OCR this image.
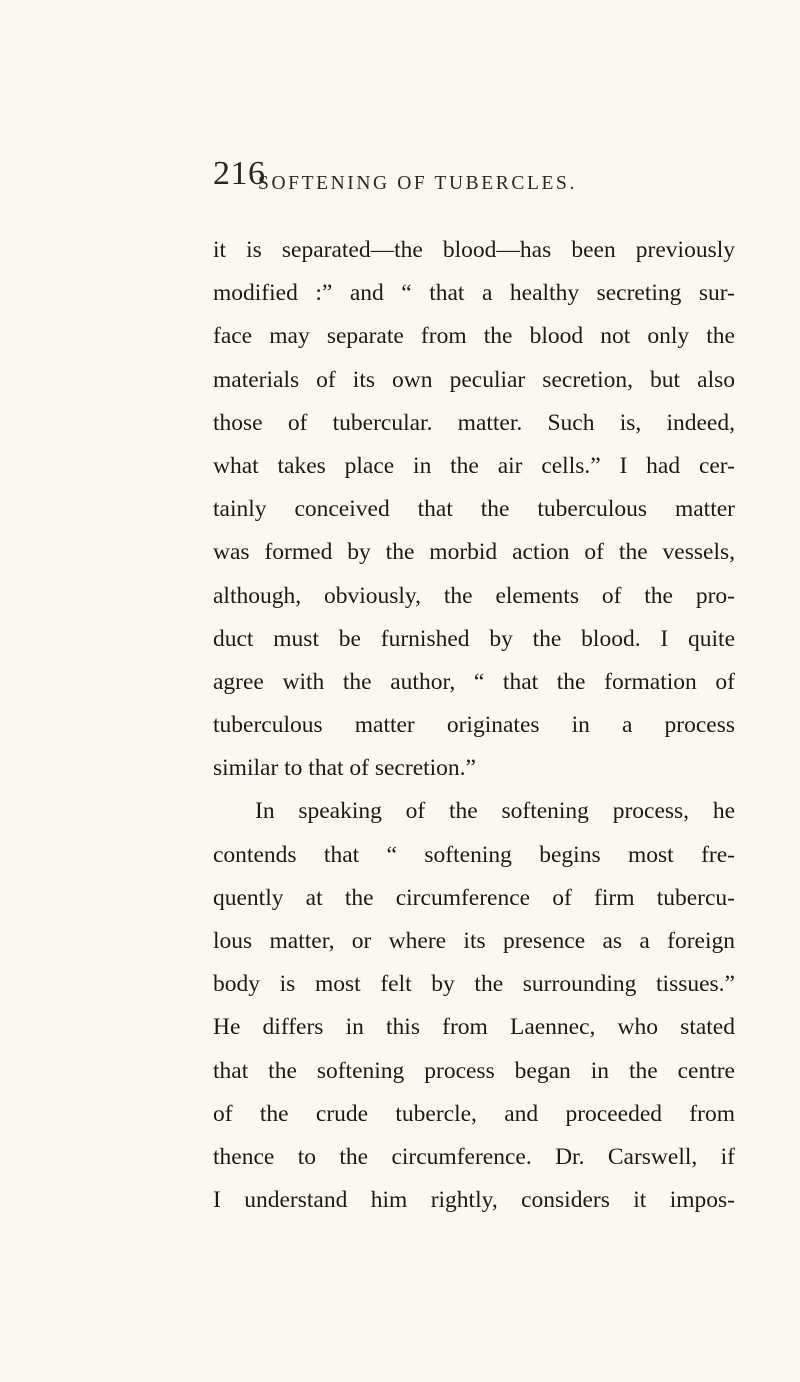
216
SOFTENING OF TUBERCLES.
it is separated—the blood—has been previously
modified :” and “ that a healthy secreting sur-
face may separate from the blood not only the
materials of its own peculiar secretion, but also
those of tubercular. matter. Such is, indeed,
what takes place in the air cells.” I had cer-
tainly conceived that the tuberculous matter
was formed by the morbid action of the vessels,
although, obviously, the elements of the pro-
duct must be furnished by the blood. I quite
agree with the author, “ that the formation of
tuberculous matter originates in a process
similar to that of secretion.”
In speaking of the softening process, he
contends that “ softening begins most fre-
quently at the circumference of firm tubercu-
lous matter, or where its presence as a foreign
body is most felt by the surrounding tissues.”
He differs in this from Laennec, who stated
that the softening process began in the centre
of the crude tubercle, and proceeded from
thence to the circumference. Dr. Carswell, if
I understand him rightly, considers it impos-
